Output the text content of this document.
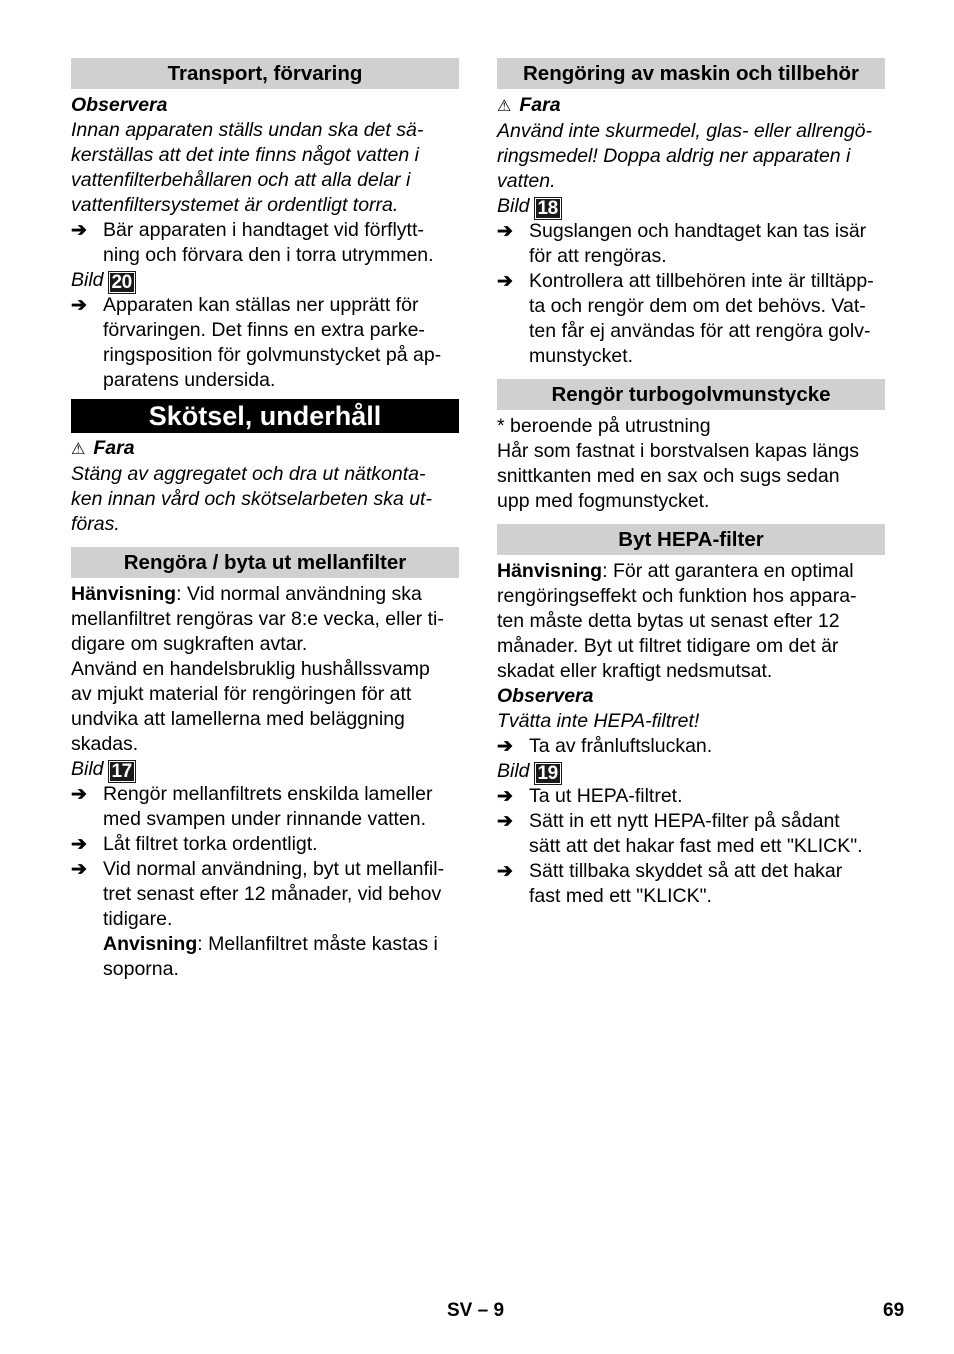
Transport, förvaring
Observera
Innan apparaten ställs undan ska det sä-
kerställas att det inte finns något vatten i
vattenfilterbehållaren och att alla delar i
vattenfiltersystemet är ordentligt torra.
➔ Bär apparaten i handtaget vid förflytt-
ning och förvara den i torra utrymmen.
Bild 20
➔ Apparaten kan ställas ner upprätt för
förvaringen. Det finns en extra parke-
ringsposition för golvmunstycket på ap-
paratens undersida.
Skötsel, underhåll
⚠ Fara
Stäng av aggregatet och dra ut nätkonta-
ken innan vård och skötselarbeten ska ut-
föras.
Rengöra / byta ut mellanfilter
Hänvisning: Vid normal användning ska
mellanfiltret rengöras var 8:e vecka, eller ti-
digare om sugkraften avtar.
Använd en handelsbruklig hushållssvamp
av mjukt material för rengöringen för att
undvika att lamellerna med beläggning
skadas.
Bild 17
➔ Rengör mellanfiltrets enskilda lameller
med svampen under rinnande vatten.
➔ Låt filtret torka ordentligt.
➔ Vid normal användning, byt ut mellanfil-
tret senast efter 12 månader, vid behov
tidigare.
Anvisning: Mellanfiltret måste kastas i
soporna.
Rengöring av maskin och tillbehör
⚠ Fara
Använd inte skurmedel, glas- eller allrengö-
ringsmedel! Doppa aldrig ner apparaten i
vatten.
Bild 18
➔ Sugslangen och handtaget kan tas isär
för att rengöras.
➔ Kontrollera att tillbehören inte är tilltäpp-
ta och rengör dem om det behövs. Vat-
ten får ej användas för att rengöra golv-
munstycket.
Rengör turbogolvmunstycke
* beroende på utrustning
Hår som fastnat i borstvalsen kapas längs
snittkanten med en sax och sugs sedan
upp med fogmunstycket.
Byt HEPA-filter
Hänvisning: För att garantera en optimal
rengöringseffekt och funktion hos appara-
ten måste detta bytas ut senast efter 12
månader. Byt ut filtret tidigare om det är
skadat eller kraftigt nedsmutsat.
Observera
Tvätta inte HEPA-filtret!
➔ Ta av frånluftsluckan.
Bild 19
➔ Ta ut HEPA-filtret.
➔ Sätt in ett nytt HEPA-filter på sådant
sätt att det hakar fast med ett "KLICK".
➔ Sätt tillbaka skyddet så att det hakar
fast med ett "KLICK".
SV – 9	69
